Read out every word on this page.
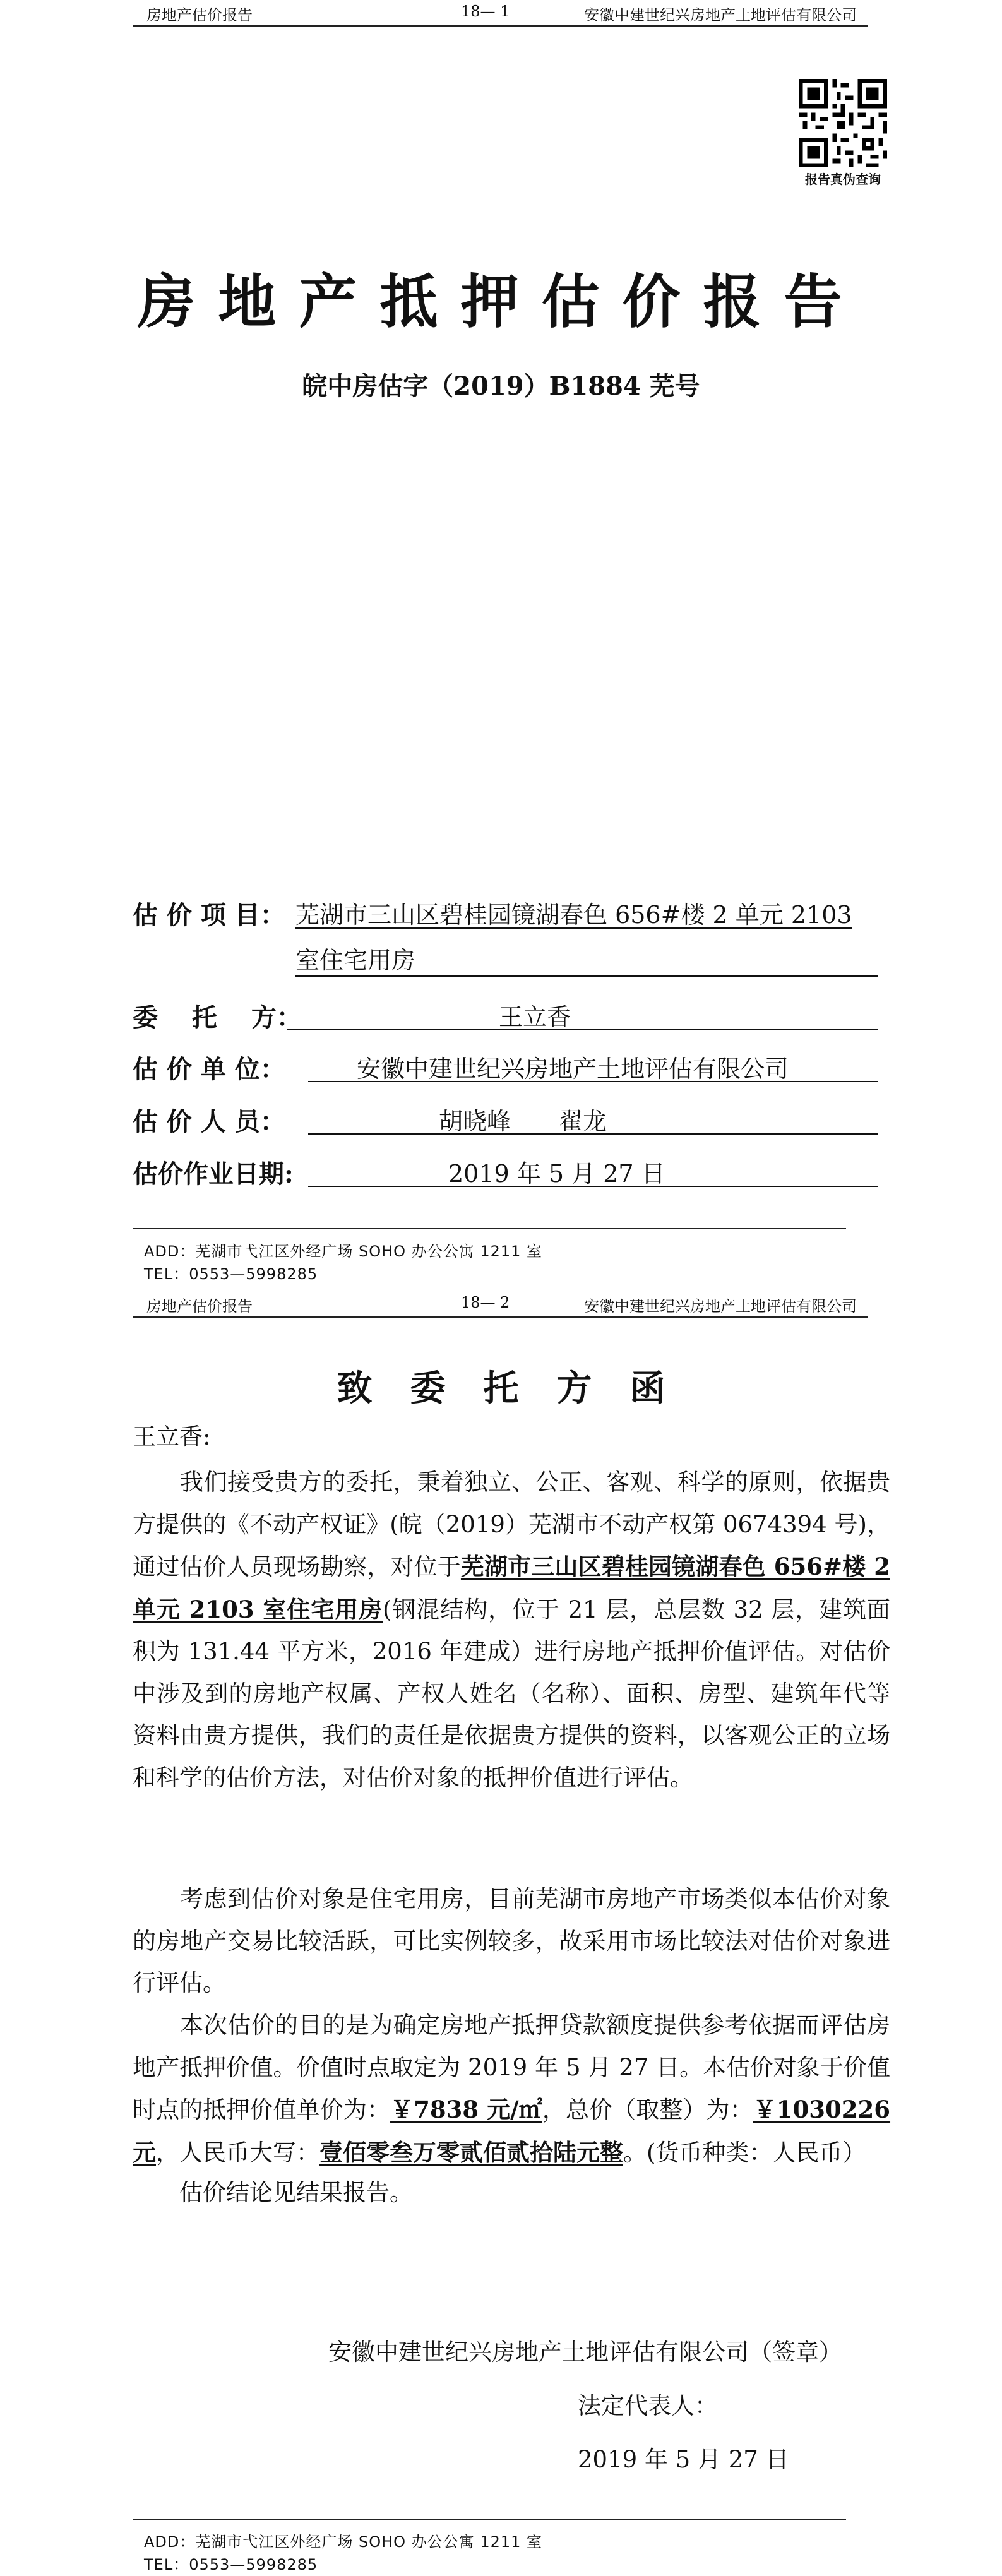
房地产估价报告	18— 1	安徽中建世纪兴房地产土地评估有限公司
报告真伪查询
房地产抵押估价报告
皖中房估字（2019）B1884 芜号
估 价 项 目： 芜湖市三山区碧桂园镜湖春色 656#楼 2 单元 2103
室住宅用房
委　 托　 方：	王立香
估 价 单 位：	安徽中建世纪兴房地产土地评估有限公司
估 价 人 员：	胡晓峰　　翟龙
估价作业日期:	2019 年 5 月 27 日
ADD：芜湖市弋江区外经广场 SOHO 办公公寓 1211 室
TEL：0553—5998285
房地产估价报告	18— 2	安徽中建世纪兴房地产土地评估有限公司
致委托方函
王立香:
　　我们接受贵方的委托，秉着独立、公正、客观、科学的原则，依据贵方提供的《不动产权证》(皖（2019）芜湖市不动产权第 0674394 号)，通过估价人员现场勘察，对位于芜湖市三山区碧桂园镜湖春色 656#楼 2 单元 2103 室住宅用房(钢混结构，位于 21 层，总层数 32 层，建筑面积为 131.44 平方米，2016 年建成）进行房地产抵押价值评估。对估价中涉及到的房地产权属、产权人姓名（名称）、面积、房型、建筑年代等资料由贵方提供，我们的责任是依据贵方提供的资料，以客观公正的立场和科学的估价方法，对估价对象的抵押价值进行评估。
　　考虑到估价对象是住宅用房，目前芜湖市房地产市场类似本估价对象的房地产交易比较活跃，可比实例较多，故采用市场比较法对估价对象进行评估。
　　本次估价的目的是为确定房地产抵押贷款额度提供参考依据而评估房地产抵押价值。价值时点取定为 2019 年 5 月 27 日。本估价对象于价值时点的抵押价值单价为：￥7838 元/㎡，总价（取整）为：￥1030226 元，人民币大写：壹佰零叁万零贰佰贰拾陆元整。(货币种类：人民币）
　　估价结论见结果报告。
安徽中建世纪兴房地产土地评估有限公司（签章）
法定代表人：
2019 年 5 月 27 日
ADD：芜湖市弋江区外经广场 SOHO 办公公寓 1211 室
TEL：0553—5998285
